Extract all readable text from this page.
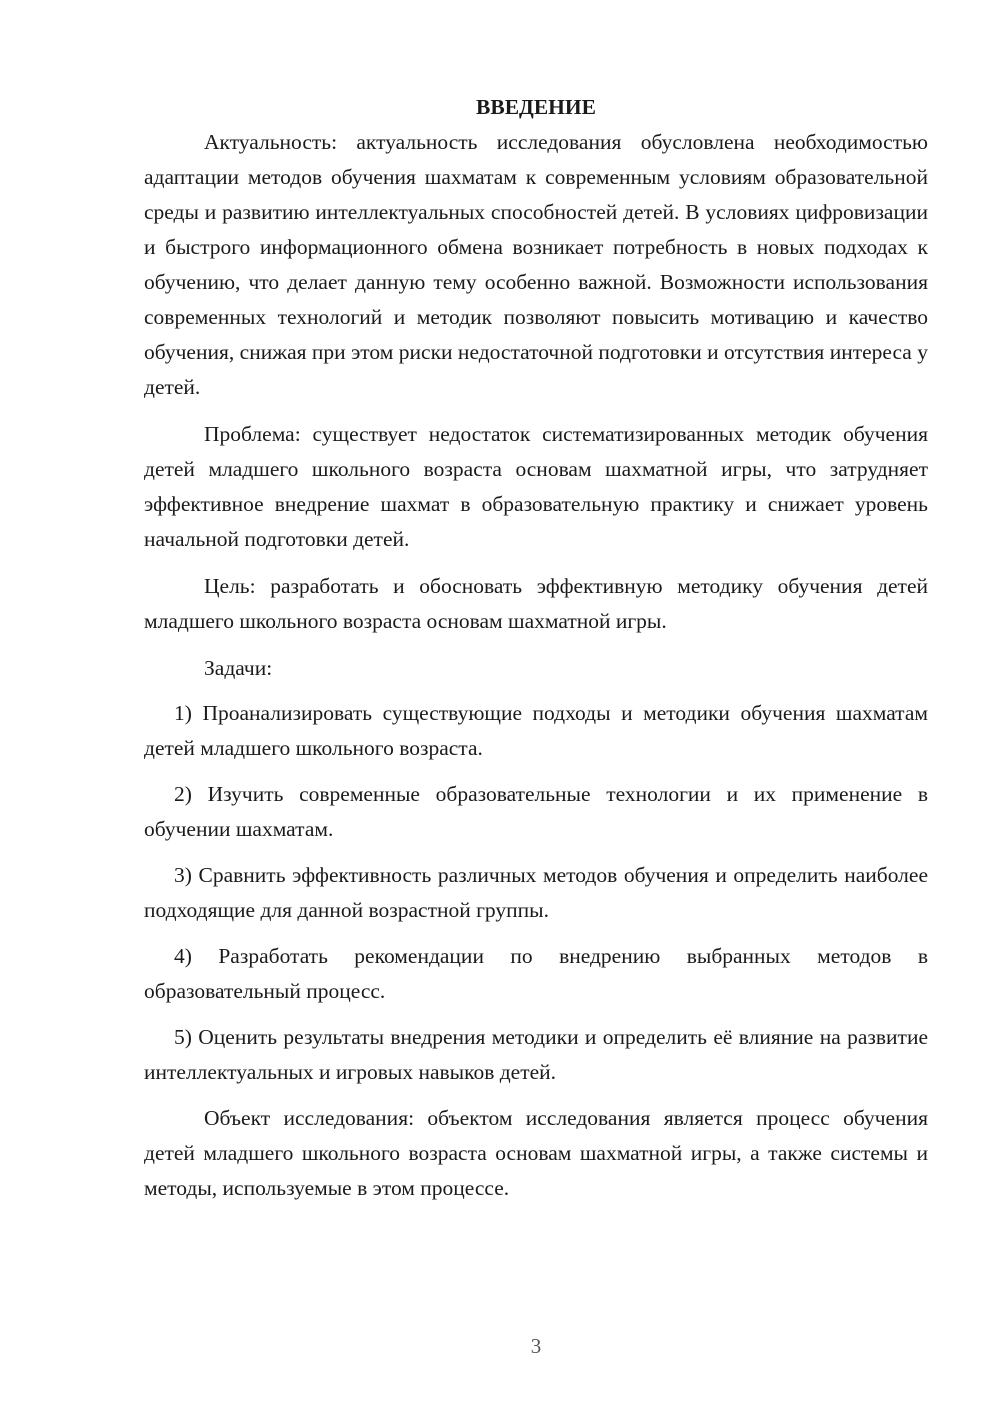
ВВЕДЕНИЕ

Актуальность: актуальность исследования обусловлена необходимостью адаптации методов обучения шахматам к современным условиям образовательной среды и развитию интеллектуальных способностей детей. В условиях цифровизации и быстрого информационного обмена возникает потребность в новых подходах к обучению, что делает данную тему особенно важной. Возможности использования современных технологий и методик позволяют повысить мотивацию и качество обучения, снижая при этом риски недостаточной подготовки и отсутствия интереса у детей.

Проблема: существует недостаток систематизированных методик обучения детей младшего школьного возраста основам шахматной игры, что затрудняет эффективное внедрение шахмат в образовательную практику и снижает уровень начальной подготовки детей.

Цель: разработать и обосновать эффективную методику обучения детей младшего школьного возраста основам шахматной игры.

Задачи:

1) Проанализировать существующие подходы и методики обучения шахматам детей младшего школьного возраста.

2) Изучить современные образовательные технологии и их применение в обучении шахматам.

3) Сравнить эффективность различных методов обучения и определить наиболее подходящие для данной возрастной группы.

4) Разработать рекомендации по внедрению выбранных методов в образовательный процесс.

5) Оценить результаты внедрения методики и определить её влияние на развитие интеллектуальных и игровых навыков детей.

Объект исследования: объектом исследования является процесс обучения детей младшего школьного возраста основам шахматной игры, а также системы и методы, используемые в этом процессе.

3
